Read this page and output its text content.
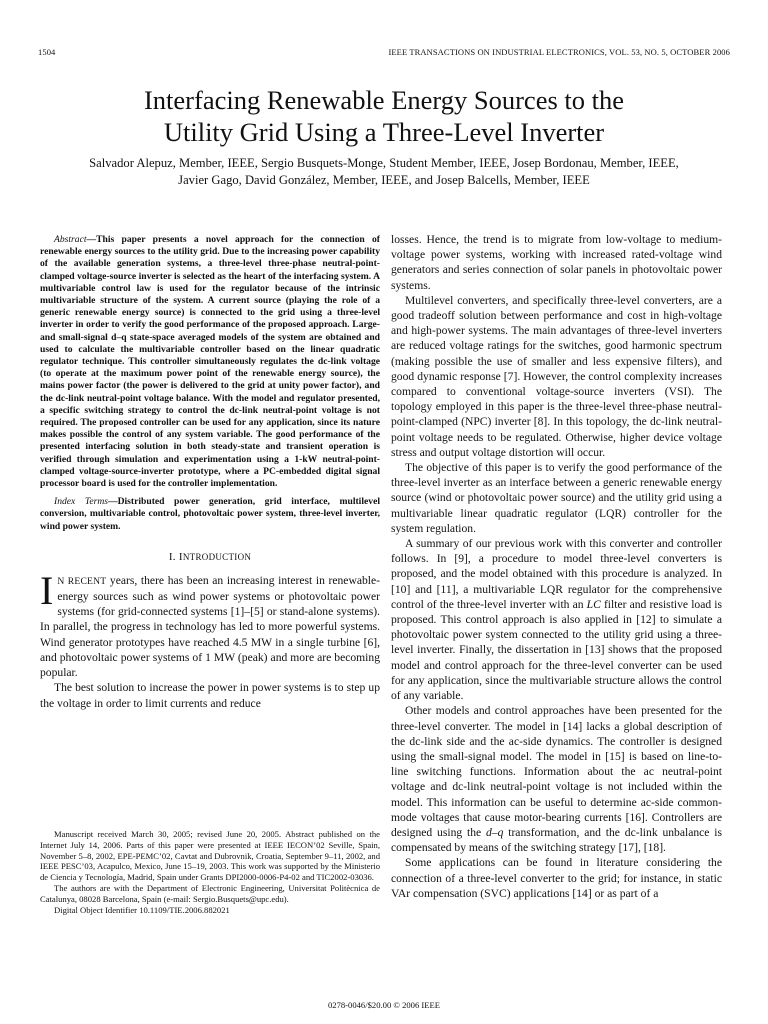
1504	IEEE TRANSACTIONS ON INDUSTRIAL ELECTRONICS, VOL. 53, NO. 5, OCTOBER 2006
Interfacing Renewable Energy Sources to the
Utility Grid Using a Three-Level Inverter
Salvador Alepuz, Member, IEEE, Sergio Busquets-Monge, Student Member, IEEE, Josep Bordonau, Member, IEEE,
Javier Gago, David González, Member, IEEE, and Josep Balcells, Member, IEEE

Abstract—This paper presents a novel approach for the connection of renewable energy sources to the utility grid. Due to the increasing power capability of the available generation systems, a three-level three-phase neutral-point-clamped voltage-source inverter is selected as the heart of the interfacing system. A multivariable control law is used for the regulator because of the intrinsic multivariable structure of the system. A current source (playing the role of a generic renewable energy source) is connected to the grid using a three-level inverter in order to verify the good performance of the proposed approach. Large- and small-signal d–q state-space averaged models of the system are obtained and used to calculate the multivariable controller based on the linear quadratic regulator technique. This controller simultaneously regulates the dc-link voltage (to operate at the maximum power point of the renewable energy source), the mains power factor (the power is delivered to the grid at unity power factor), and the dc-link neutral-point voltage balance. With the model and regulator presented, a specific switching strategy to control the dc-link neutral-point voltage is not required. The proposed controller can be used for any application, since its nature makes possible the control of any system variable. The good performance of the presented interfacing solution in both steady-state and transient operation is verified through simulation and experimentation using a 1-kW neutral-point-clamped voltage-source-inverter prototype, where a PC-embedded digital signal processor board is used for the controller implementation.

Index Terms—Distributed power generation, grid interface, multilevel conversion, multivariable control, photovoltaic power system, three-level inverter, wind power system.

I. INTRODUCTION

I N RECENT years, there has been an increasing interest in renewable-energy sources such as wind power systems or photovoltaic power systems (for grid-connected systems [1]–[5] or stand-alone systems). In parallel, the progress in technology has led to more powerful systems. Wind generator prototypes have reached 4.5 MW in a single turbine [6], and photovoltaic power systems of 1 MW (peak) and more are becoming popular.

The best solution to increase the power in power systems is to step up the voltage in order to limit currents and reduce

Manuscript received March 30, 2005; revised June 20, 2005. Abstract published on the Internet July 14, 2006. Parts of this paper were presented at IEEE IECON’02 Seville, Spain, November 5–8, 2002, EPE-PEMC’02, Cavtat and Dubrovnik, Croatia, September 9–11, 2002, and IEEE PESC’03, Acapulco, Mexico, June 15–19, 2003. This work was supported by the Ministerio de Ciencia y Tecnología, Madrid, Spain under Grants DPI2000-0006-P4-02 and TIC2002-03036.

The authors are with the Department of Electronic Engineering, Universitat Politècnica de Catalunya, 08028 Barcelona, Spain (e-mail: Sergio.Busquets@upc.edu).

Digital Object Identifier 10.1109/TIE.2006.882021

losses. Hence, the trend is to migrate from low-voltage to medium-voltage power systems, working with increased rated-voltage wind generators and series connection of solar panels in photovoltaic power systems.

Multilevel converters, and specifically three-level converters, are a good tradeoff solution between performance and cost in high-voltage and high-power systems. The main advantages of three-level inverters are reduced voltage ratings for the switches, good harmonic spectrum (making possible the use of smaller and less expensive filters), and good dynamic response [7]. However, the control complexity increases compared to conventional voltage-source inverters (VSI). The topology employed in this paper is the three-level three-phase neutral-point-clamped (NPC) inverter [8]. In this topology, the dc-link neutral-point voltage needs to be regulated. Otherwise, higher device voltage stress and output voltage distortion will occur.

The objective of this paper is to verify the good performance of the three-level inverter as an interface between a generic renewable energy source (wind or photovoltaic power source) and the utility grid using a multivariable linear quadratic regulator (LQR) controller for the system regulation.

A summary of our previous work with this converter and controller follows. In [9], a procedure to model three-level converters is proposed, and the model obtained with this procedure is analyzed. In [10] and [11], a multivariable LQR regulator for the comprehensive control of the three-level inverter with an LC filter and resistive load is proposed. This control approach is also applied in [12] to simulate a photovoltaic power system connected to the utility grid using a three-level inverter. Finally, the dissertation in [13] shows that the proposed model and control approach for the three-level converter can be used for any application, since the multivariable structure allows the control of any variable.

Other models and control approaches have been presented for the three-level converter. The model in [14] lacks a global description of the dc-link side and the ac-side dynamics. The controller is designed using the small-signal model. The model in [15] is based on line-to-line switching functions. Information about the ac neutral-point voltage and dc-link neutral-point voltage is not included within the model. This information can be useful to determine ac-side common-mode voltages that cause motor-bearing currents [16]. Controllers are designed using the d–q transformation, and the dc-link unbalance is compensated by means of the switching strategy [17], [18].

Some applications can be found in literature considering the connection of a three-level converter to the grid; for instance, in static VAr compensation (SVC) applications [14] or as part of a

0278-0046/$20.00 © 2006 IEEE
